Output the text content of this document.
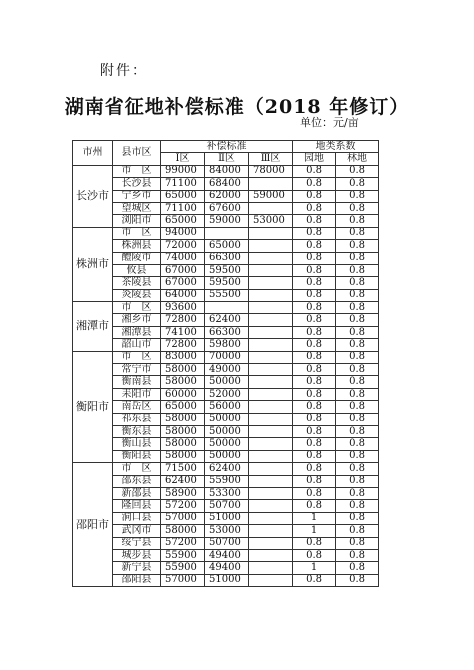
附件：
湖南省征地补偿标准（2018 年修订）
单位：元/亩
市州	县市区	补偿标准			地类系数	
		Ⅰ区	Ⅱ区	Ⅲ区	园地	林地
长沙市	市　区	99000	84000	78000	0.8	0.8
	长沙县	71100	68400		0.8	0.8
	宁乡市	65000	62000	59000	0.8	0.8
	望城区	71100	67600		0.8	0.8
	浏阳市	65000	59000	53000	0.8	0.8
株洲市	市　区	94000			0.8	0.8
	株洲县	72000	65000		0.8	0.8
	醴陵市	74000	66300		0.8	0.8
	攸县	67000	59500		0.8	0.8
	茶陵县	67000	59500		0.8	0.8
	炎陵县	64000	55500		0.8	0.8
湘潭市	市　区	93600			0.8	0.8
	湘乡市	72800	62400		0.8	0.8
	湘潭县	74100	66300		0.8	0.8
	韶山市	72800	59800		0.8	0.8
衡阳市	市　区	83000	70000		0.8	0.8
	常宁市	58000	49000		0.8	0.8
	衡南县	58000	50000		0.8	0.8
	耒阳市	60000	52000		0.8	0.8
	南岳区	65000	56000		0.8	0.8
	祁东县	58000	50000		0.8	0.8
	衡东县	58000	50000		0.8	0.8
	衡山县	58000	50000		0.8	0.8
	衡阳县	58000	50000		0.8	0.8
邵阳市	市　区	71500	62400		0.8	0.8
	邵东县	62400	55900		0.8	0.8
	新邵县	58900	53300		0.8	0.8
	隆回县	57200	50700		0.8	0.8
	洞口县	57000	51000		1	0.8
	武冈市	58000	53000		1	0.8
	绥宁县	57200	50700		0.8	0.8
	城步县	55900	49400		0.8	0.8
	新宁县	55900	49400		1	0.8
	邵阳县	57000	51000		0.8	0.8
